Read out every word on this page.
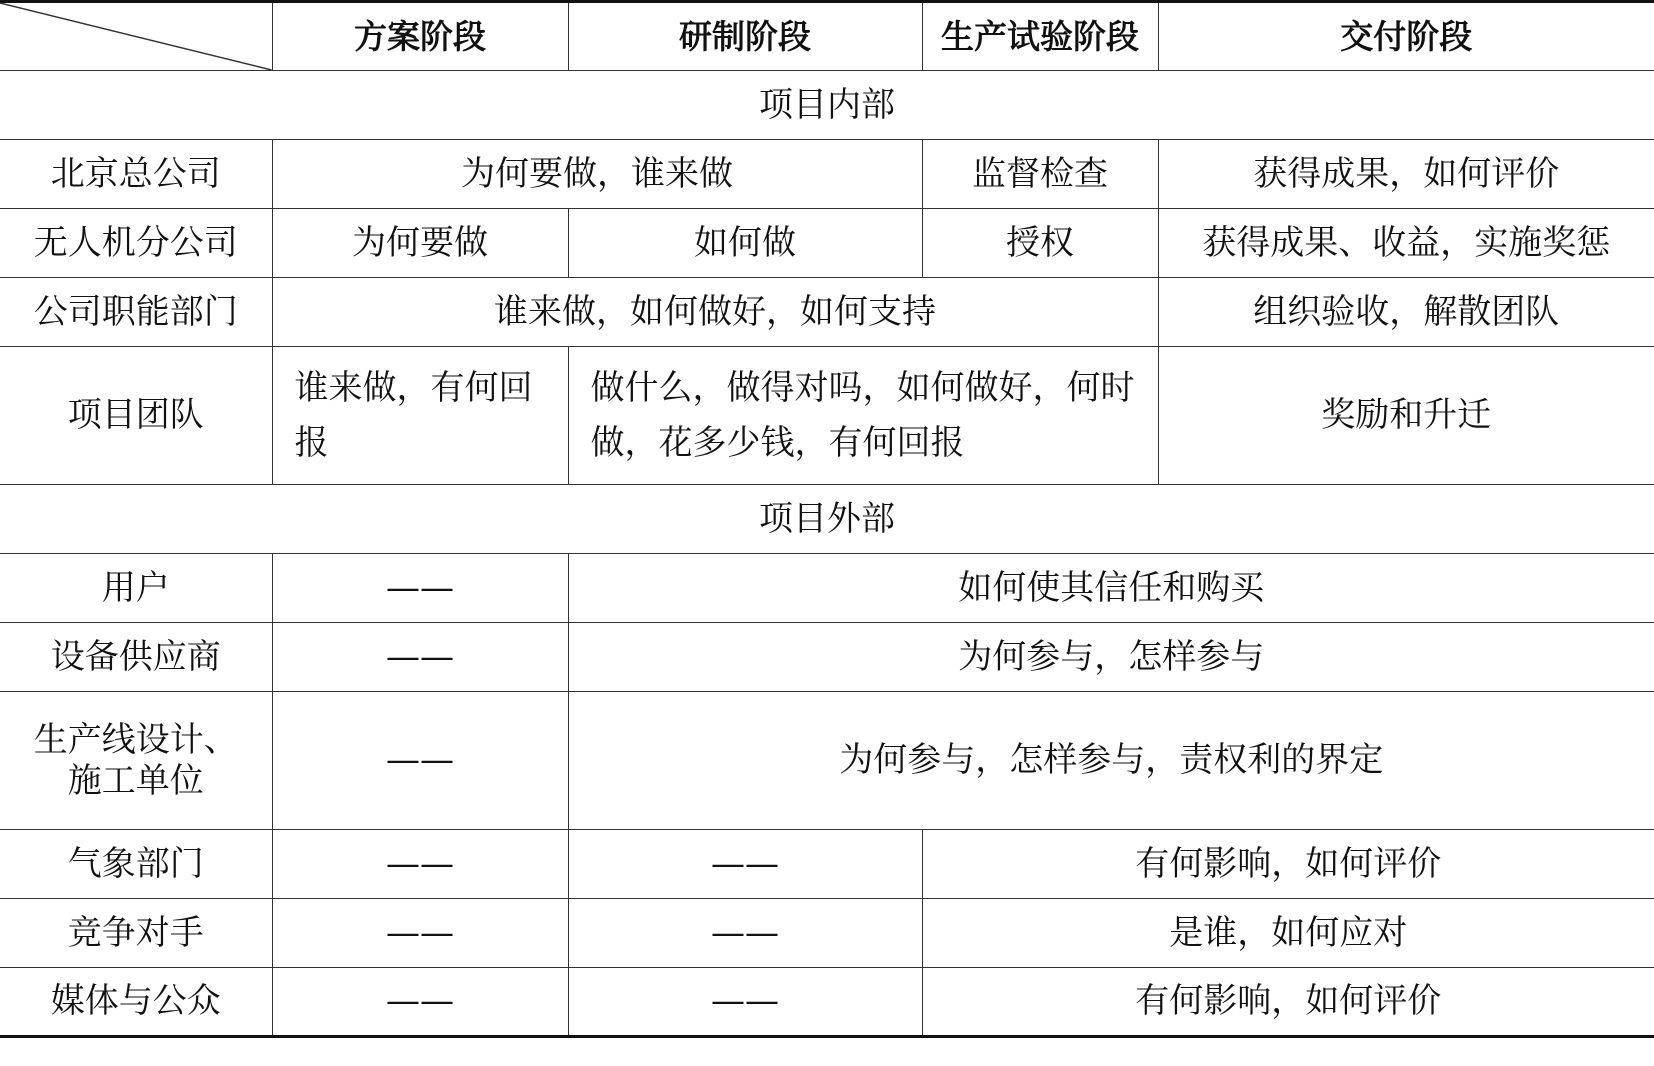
	方案阶段	研制阶段	生产试验阶段	交付阶段
项目内部				
北京总公司	为何要做，谁来做		监督检查	获得成果，如何评价
无人机分公司	为何要做	如何做	授权	获得成果、收益，实施奖惩
公司职能部门	谁来做，如何做好，如何支持			组织验收，解散团队
项目团队	谁来做，有何回报	做什么，做得对吗，如何做好，何时做，花多少钱，有何回报		奖励和升迁
项目外部				
用户	——	如何使其信任和购买		
设备供应商	——	为何参与，怎样参与		
生产线设计、施工单位	——	为何参与，怎样参与，责权利的界定		
气象部门	——	——	有何影响，如何评价	
竞争对手	——	——	是谁，如何应对	
媒体与公众	——	——	有何影响，如何评价	
